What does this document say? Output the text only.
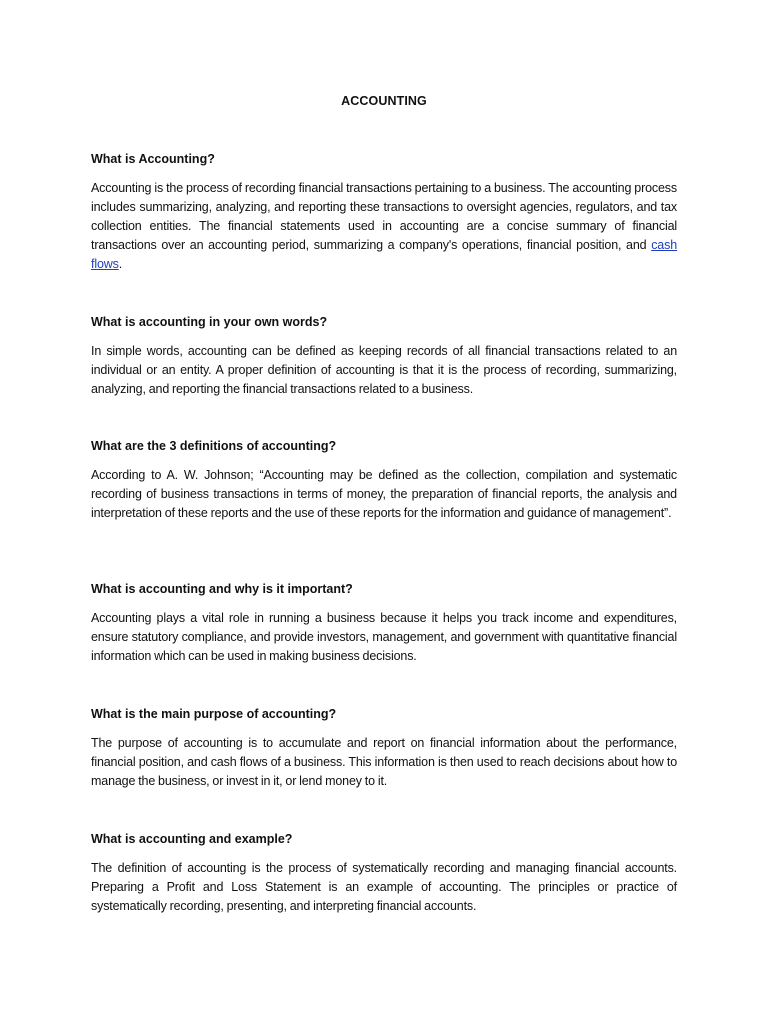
ACCOUNTING

What is Accounting?

Accounting is the process of recording financial transactions pertaining to a business. The accounting process includes summarizing, analyzing, and reporting these transactions to oversight agencies, regulators, and tax collection entities. The financial statements used in accounting are a concise summary of financial transactions over an accounting period, summarizing a company's operations, financial position, and cash flows.

What is accounting in your own words?

In simple words, accounting can be defined as keeping records of all financial transactions related to an individual or an entity. A proper definition of accounting is that it is the process of recording, summarizing, analyzing, and reporting the financial transactions related to a business.

What are the 3 definitions of accounting?

According to A. W. Johnson; “Accounting may be defined as the collection, compilation and systematic recording of business transactions in terms of money, the preparation of financial reports, the analysis and interpretation of these reports and the use of these reports for the information and guidance of management”.

What is accounting and why is it important?

Accounting plays a vital role in running a business because it helps you track income and expenditures, ensure statutory compliance, and provide investors, management, and government with quantitative financial information which can be used in making business decisions.

What is the main purpose of accounting?

The purpose of accounting is to accumulate and report on financial information about the performance, financial position, and cash flows of a business. This information is then used to reach decisions about how to manage the business, or invest in it, or lend money to it.

What is accounting and example?

The definition of accounting is the process of systematically recording and managing financial accounts. Preparing a Profit and Loss Statement is an example of accounting. The principles or practice of systematically recording, presenting, and interpreting financial accounts.
